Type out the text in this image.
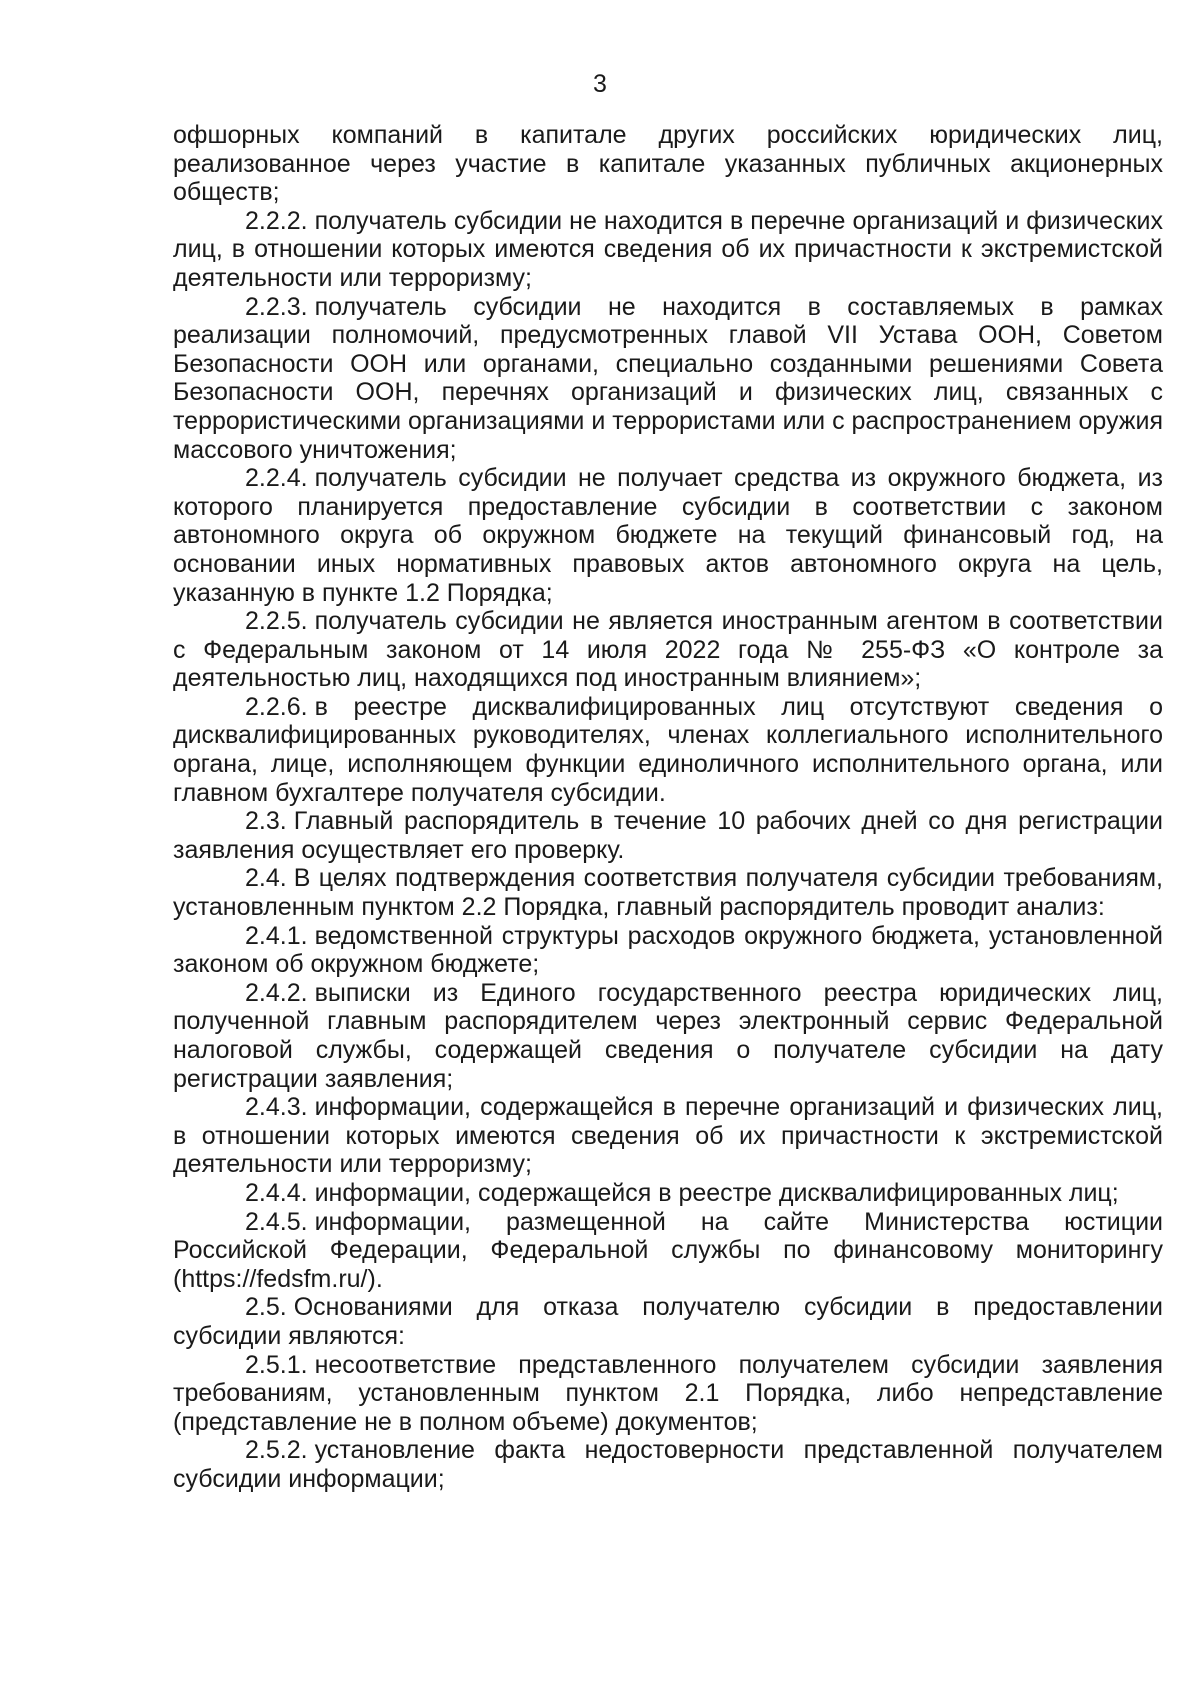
3

офшорных компаний в капитале других российских юридических лиц, реализованное через участие в капитале указанных публичных акционерных обществ;

2.2.2. получатель субсидии не находится в перечне организаций и физических лиц, в отношении которых имеются сведения об их причастности к экстремистской деятельности или терроризму;

2.2.3. получатель субсидии не находится в составляемых в рамках реализации полномочий, предусмотренных главой VII Устава ООН, Советом Безопасности ООН или органами, специально созданными решениями Совета Безопасности ООН, перечнях организаций и физических лиц, связанных с террористическими организациями и террористами или с распространением оружия массового уничтожения;

2.2.4. получатель субсидии не получает средства из окружного бюджета, из которого планируется предоставление субсидии в соответствии с законом автономного округа об окружном бюджете на текущий финансовый год, на основании иных нормативных правовых актов автономного округа на цель, указанную в пункте 1.2 Порядка;

2.2.5. получатель субсидии не является иностранным агентом в соответствии с Федеральным законом от 14 июля 2022 года № 255-ФЗ «О контроле за деятельностью лиц, находящихся под иностранным влиянием»;

2.2.6. в реестре дисквалифицированных лиц отсутствуют сведения о дисквалифицированных руководителях, членах коллегиального исполнительного органа, лице, исполняющем функции единоличного исполнительного органа, или главном бухгалтере получателя субсидии.

2.3. Главный распорядитель в течение 10 рабочих дней со дня регистрации заявления осуществляет его проверку.

2.4. В целях подтверждения соответствия получателя субсидии требованиям, установленным пунктом 2.2 Порядка, главный распорядитель проводит анализ:

2.4.1. ведомственной структуры расходов окружного бюджета, установленной законом об окружном бюджете;

2.4.2. выписки из Единого государственного реестра юридических лиц, полученной главным распорядителем через электронный сервис Федеральной налоговой службы, содержащей сведения о получателе субсидии на дату регистрации заявления;

2.4.3. информации, содержащейся в перечне организаций и физических лиц, в отношении которых имеются сведения об их причастности к экстремистской деятельности или терроризму;

2.4.4. информации, содержащейся в реестре дисквалифицированных лиц;

2.4.5. информации, размещенной на сайте Министерства юстиции Российской Федерации, Федеральной службы по финансовому мониторингу (https://fedsfm.ru/).

2.5. Основаниями для отказа получателю субсидии в предоставлении субсидии являются:

2.5.1. несоответствие представленного получателем субсидии заявления требованиям, установленным пунктом 2.1 Порядка, либо непредставление (представление не в полном объеме) документов;

2.5.2. установление факта недостоверности представленной получателем субсидии информации;
